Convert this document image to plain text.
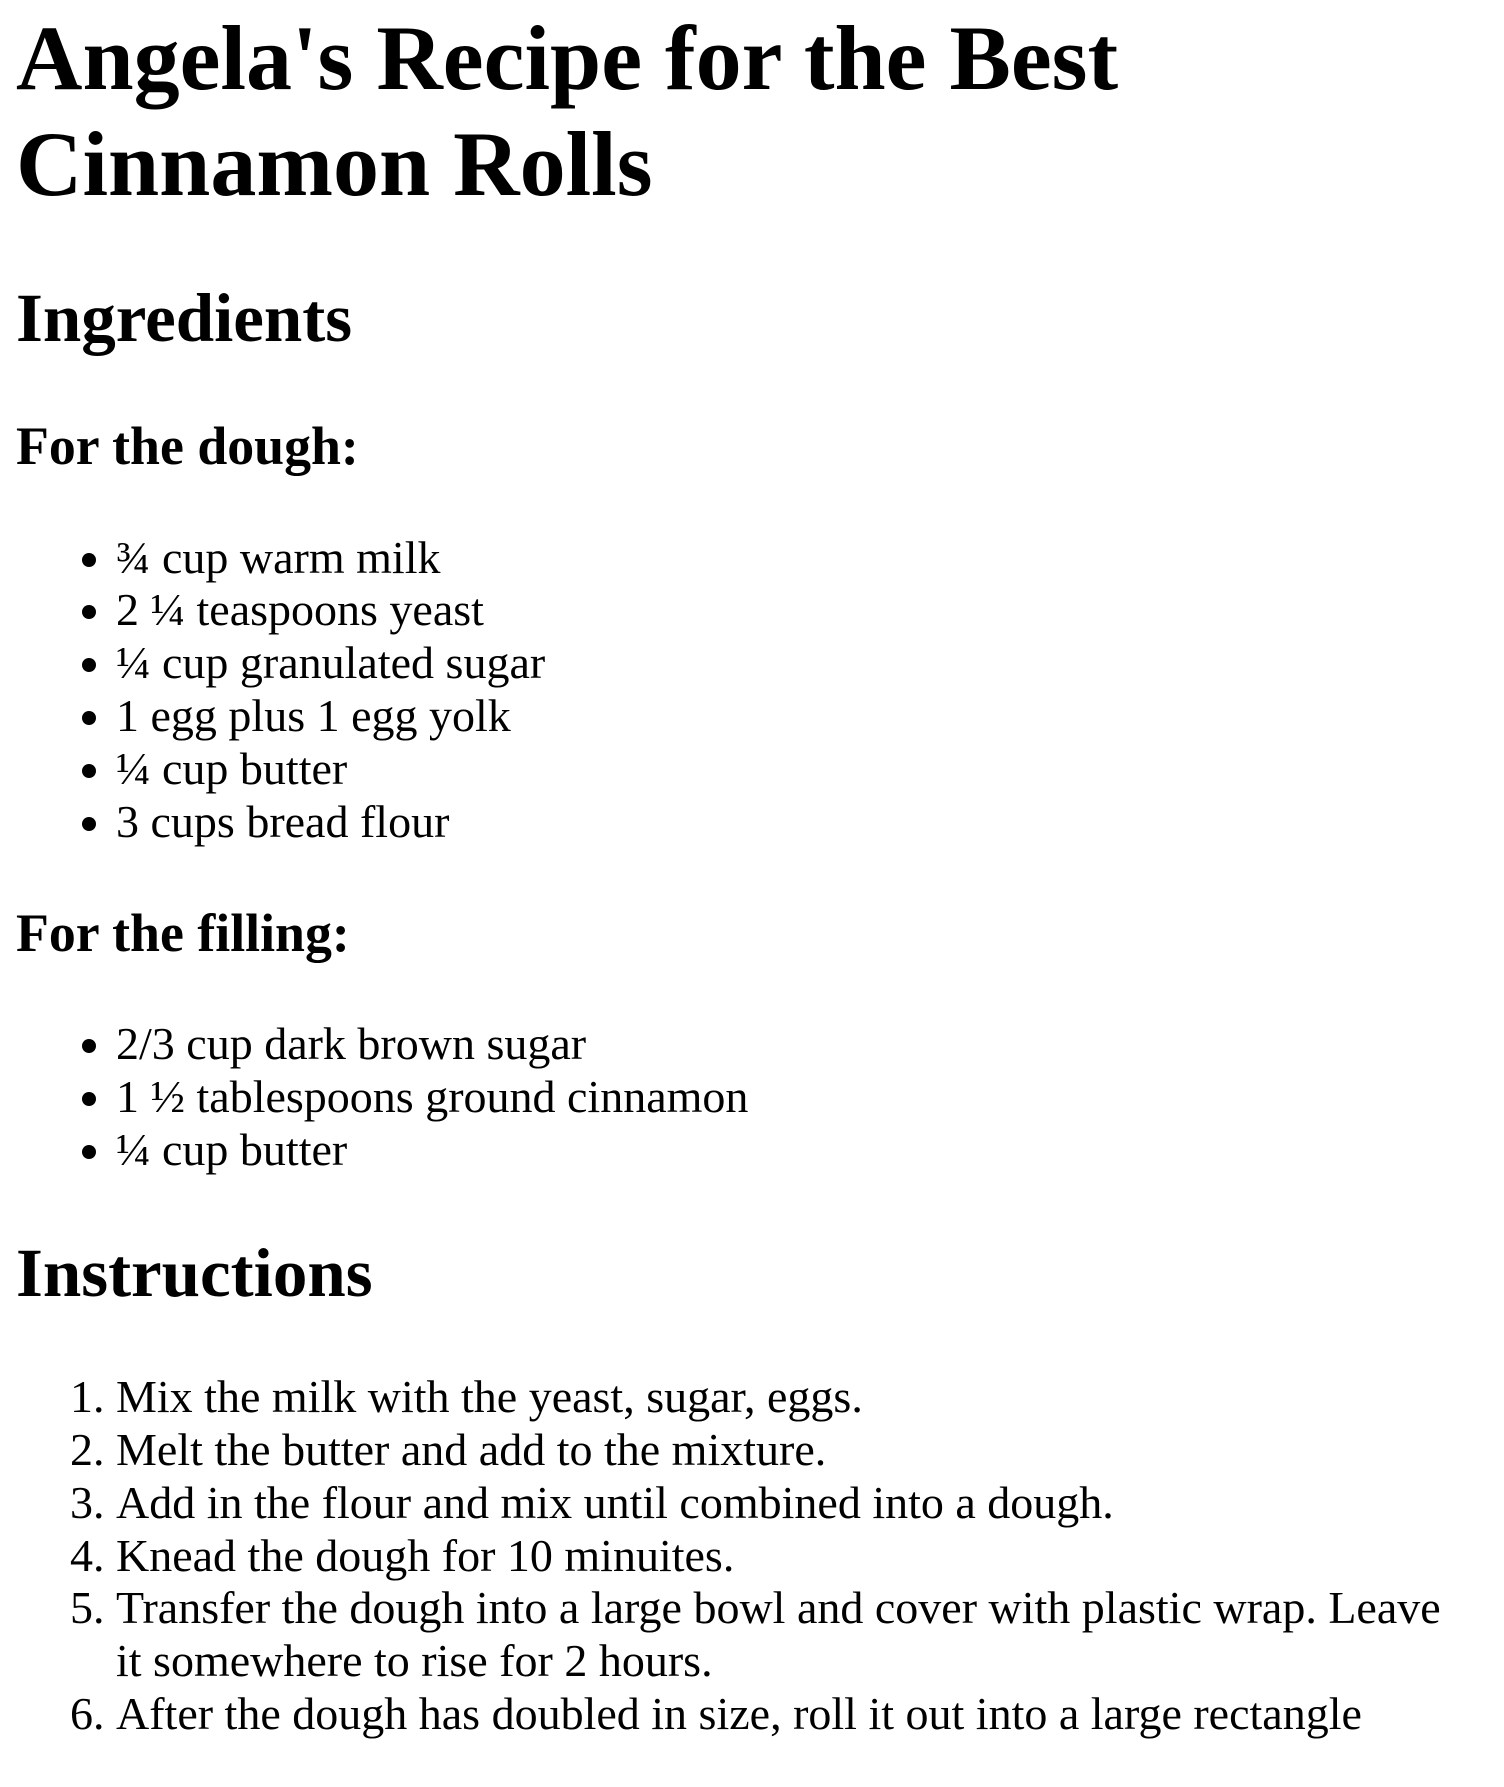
Angela's Recipe for the Best Cinnamon Rolls
Ingredients
For the dough:
• ¾ cup warm milk
• 2 ¼ teaspoons yeast
• ¼ cup granulated sugar
• 1 egg plus 1 egg yolk
• ¼ cup butter
• 3 cups bread flour
For the filling:
• 2/3 cup dark brown sugar
• 1 ½ tablespoons ground cinnamon
• ¼ cup butter
Instructions
1. Mix the milk with the yeast, sugar, eggs.
2. Melt the butter and add to the mixture.
3. Add in the flour and mix until combined into a dough.
4. Knead the dough for 10 minuites.
5. Transfer the dough into a large bowl and cover with plastic wrap. Leave it somewhere to rise for 2 hours.
6. After the dough has doubled in size, roll it out into a large rectangle
